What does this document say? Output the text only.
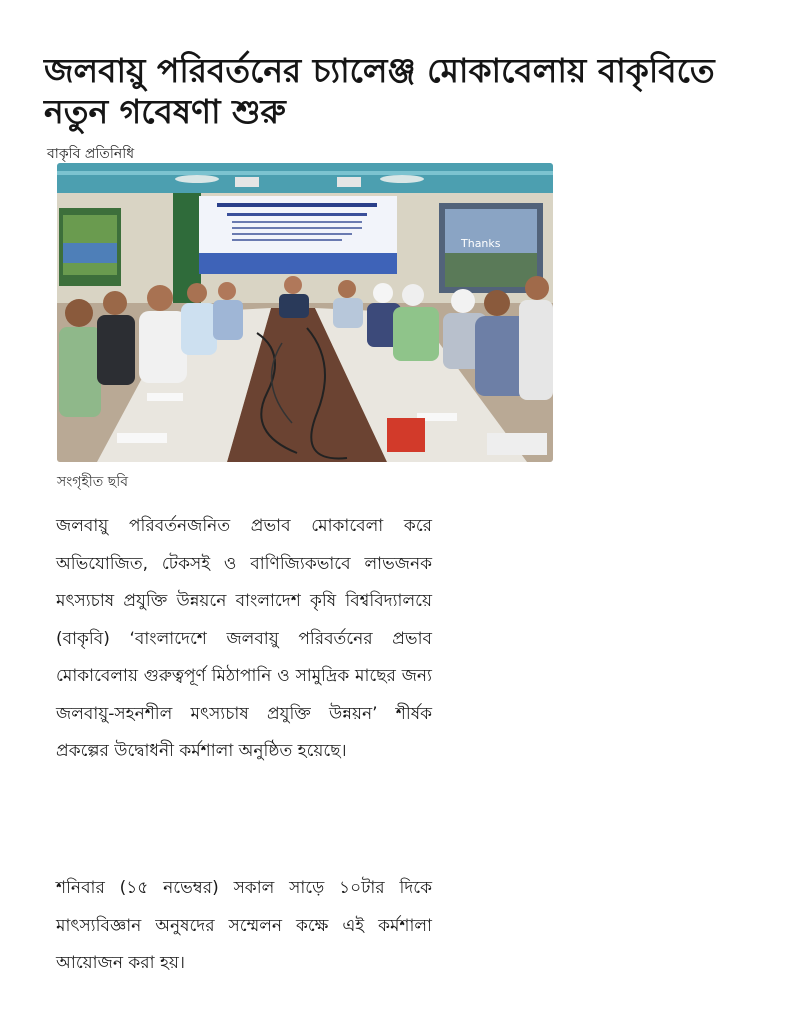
জলবায়ু পরিবর্তনের চ্যালেঞ্জ মোকাবেলায় বাকৃবিতে নতুন গবেষণা শুরু
বাকৃবি প্রতিনিধি
Thanks
সংগৃহীত ছবি

জলবায়ু পরিবর্তনজনিত প্রভাব মোকাবেলা করে অভিযোজিত, টেকসই ও বাণিজ্যিকভাবে লাভজনক মৎস্যচাষ প্রযুক্তি উন্নয়নে বাংলাদেশ কৃষি বিশ্ববিদ্যালয়ে (বাকৃবি) ‘বাংলাদেশে জলবায়ু পরিবর্তনের প্রভাব মোকাবেলায় গুরুত্বপূর্ণ মিঠাপানি ও সামুদ্রিক মাছের জন্য জলবায়ু-সহনশীল মৎস্যচাষ প্রযুক্তি উন্নয়ন’ শীর্ষক প্রকল্পের উদ্বোধনী কর্মশালা অনুষ্ঠিত হয়েছে।

শনিবার (১৫ নভেম্বর) সকাল সাড়ে ১০টার দিকে মাৎস্যবিজ্ঞান অনুষদের সম্মেলন কক্ষে এই কর্মশালা আয়োজন করা হয়।
